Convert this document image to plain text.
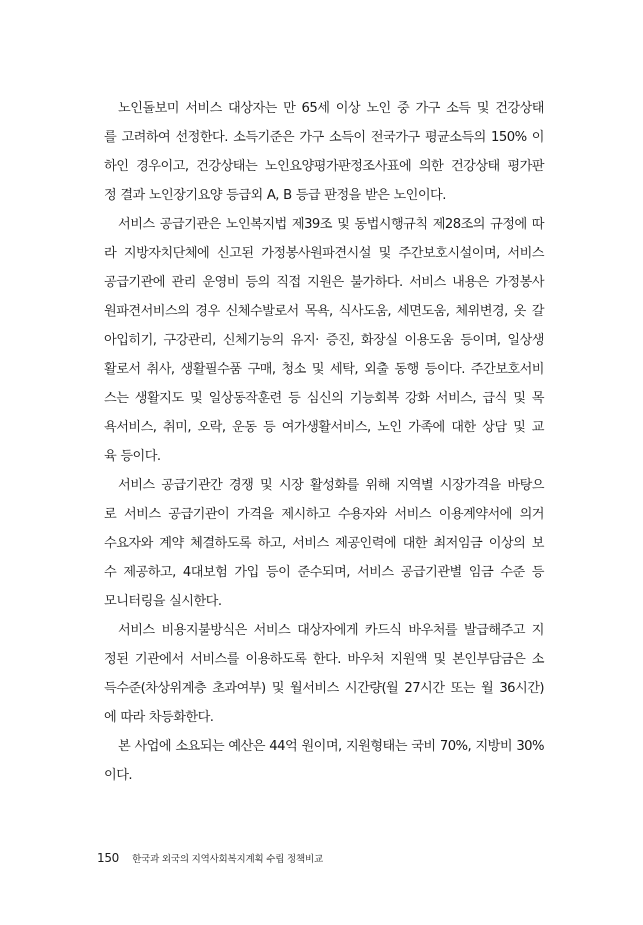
노인돌보미 서비스 대상자는 만 65세 이상 노인 중 가구 소득 및 건강상태
를 고려하여 선정한다. 소득기준은 가구 소득이 전국가구 평균소득의 150% 이
하인 경우이고, 건강상태는 노인요양평가판정조사표에 의한 건강상태 평가판
정 결과 노인장기요양 등급외 A, B 등급 판정을 받은 노인이다.
서비스 공급기관은 노인복지법 제39조 및 동법시행규칙 제28조의 규정에 따
라 지방자치단체에 신고된 가정봉사원파견시설 및 주간보호시설이며, 서비스
공급기관에 관리 운영비 등의 직접 지원은 불가하다. 서비스 내용은 가정봉사
원파견서비스의 경우 신체수발로서 목욕, 식사도움, 세면도움, 체위변경, 옷 갈
아입히기, 구강관리, 신체기능의 유지· 증진, 화장실 이용도움 등이며, 일상생
활로서 취사, 생활필수품 구매, 청소 및 세탁, 외출 동행 등이다. 주간보호서비
스는 생활지도 및 일상동작훈련 등 심신의 기능회복 강화 서비스, 급식 및 목
욕서비스, 취미, 오락, 운동 등 여가생활서비스, 노인 가족에 대한 상담 및 교
육 등이다.
서비스 공급기관간 경쟁 및 시장 활성화를 위해 지역별 시장가격을 바탕으
로 서비스 공급기관이 가격을 제시하고 수용자와 서비스 이용계약서에 의거
수요자와 계약 체결하도록 하고, 서비스 제공인력에 대한 최저임금 이상의 보
수 제공하고, 4대보험 가입 등이 준수되며, 서비스 공급기관별 임금 수준 등
모니터링을 실시한다.
서비스 비용지불방식은 서비스 대상자에게 카드식 바우처를 발급해주고 지
정된 기관에서 서비스를 이용하도록 한다. 바우처 지원액 및 본인부담금은 소
득수준(차상위계층 초과여부) 및 월서비스 시간량(월 27시간 또는 월 36시간)
에 따라 차등화한다.
본 사업에 소요되는 예산은 44억 원이며, 지원형태는 국비 70%, 지방비 30%
이다.
150 한국과 외국의 지역사회복지계획 수립 정책비교
